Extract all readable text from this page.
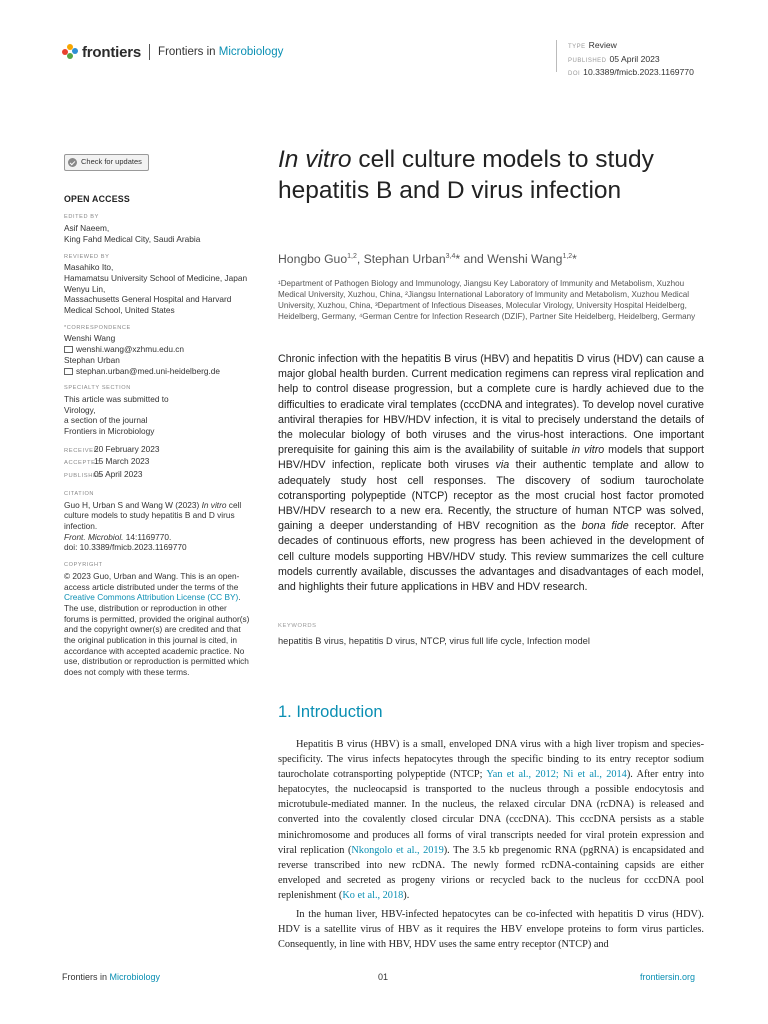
frontiers Frontiers in Microbiology	TYPE Review
PUBLISHED 05 April 2023
DOI 10.3389/fmicb.2023.1169770
Check for updates
OPEN ACCESS
EDITED BY
Asif Naeem,
King Fahd Medical City, Saudi Arabia
REVIEWED BY
Masahiko Ito,
Hamamatsu University School of Medicine, Japan
Wenyu Lin,
Massachusetts General Hospital and Harvard Medical School, United States
*CORRESPONDENCE
Wenshi Wang
wenshi.wang@xzhmu.edu.cn
Stephan Urban
stephan.urban@med.uni-heidelberg.de
SPECIALTY SECTION
This article was submitted to
Virology,
a section of the journal
Frontiers in Microbiology
RECEIVED20 February 2023
ACCEPTED15 March 2023
PUBLISHED05 April 2023
CITATION
Guo H, Urban S and Wang W (2023) In vitro cell culture models to study hepatitis B and D virus infection.
Front. Microbiol. 14:1169770.
doi: 10.3389/fmicb.2023.1169770
COPYRIGHT
© 2023 Guo, Urban and Wang. This is an open-access article distributed under the terms of the Creative Commons Attribution License (CC BY). The use, distribution or reproduction in other forums is permitted, provided the original author(s) and the copyright owner(s) are credited and that the original publication in this journal is cited, in accordance with accepted academic practice. No use, distribution or reproduction is permitted which does not comply with these terms.
In vitro cell culture models to study hepatitis B and D virus infection
Hongbo Guo$^{1,2}$, Stephan Urban$^{3,4}$* and Wenshi Wang$^{1,2}$*
¹Department of Pathogen Biology and Immunology, Jiangsu Key Laboratory of Immunity and Metabolism, Xuzhou Medical University, Xuzhou, China, ²Jiangsu International Laboratory of Immunity and Metabolism, Xuzhou Medical University, Xuzhou, China, ³Department of Infectious Diseases, Molecular Virology, University Hospital Heidelberg, Heidelberg, Germany, ⁴German Centre for Infection Research (DZIF), Partner Site Heidelberg, Heidelberg, Germany
Chronic infection with the hepatitis B virus (HBV) and hepatitis D virus (HDV) can cause a major global health burden. Current medication regimens can repress viral replication and help to control disease progression, but a complete cure is hardly achieved due to the difficulties to eradicate viral templates (cccDNA and integrates). To develop novel curative antiviral therapies for HBV/HDV infection, it is vital to precisely understand the details of the molecular biology of both viruses and the virus-host interactions. One important prerequisite for gaining this aim is the availability of suitable in vitro models that support HBV/HDV infection, replicate both viruses via their authentic template and allow to adequately study host cell responses. The discovery of sodium taurocholate cotransporting polypeptide (NTCP) receptor as the most crucial host factor promoted HBV/HDV research to a new era. Recently, the structure of human NTCP was solved, gaining a deeper understanding of HBV recognition as the bona fide receptor. After decades of continuous efforts, new progress has been achieved in the development of cell culture models supporting HBV/HDV study. This review summarizes the cell culture models currently available, discusses the advantages and disadvantages of each model, and highlights their future applications in HBV and HDV research.
KEYWORDS
hepatitis B virus, hepatitis D virus, NTCP, virus full life cycle, Infection model
1. Introduction

Hepatitis B virus (HBV) is a small, enveloped DNA virus with a high liver tropism and species-specificity. The virus infects hepatocytes through the specific binding to its entry receptor sodium taurocholate cotransporting polypeptide (NTCP; Yan et al., 2012; Ni et al., 2014). After entry into hepatocytes, the nucleocapsid is transported to the nucleus through a possible endocytosis and microtubule-mediated manner. In the nucleus, the relaxed circular DNA (rcDNA) is released and converted into the covalently closed circular DNA (cccDNA). This cccDNA persists as a stable minichromosome and produces all forms of viral transcripts needed for viral protein expression and viral replication (Nkongolo et al., 2019). The 3.5 kb pregenomic RNA (pgRNA) is encapsidated and reverse transcribed into new rcDNA. The newly formed rcDNA-containing capsids are either enveloped and secreted as progeny virions or recycled back to the nucleus for cccDNA pool replenishment (Ko et al., 2018).

In the human liver, HBV-infected hepatocytes can be co-infected with hepatitis D virus (HDV). HDV is a satellite virus of HBV as it requires the HBV envelope proteins to form virus particles. Consequently, in line with HBV, HDV uses the same entry receptor (NTCP) and

Frontiers in Microbiology	01	frontiersin.org
